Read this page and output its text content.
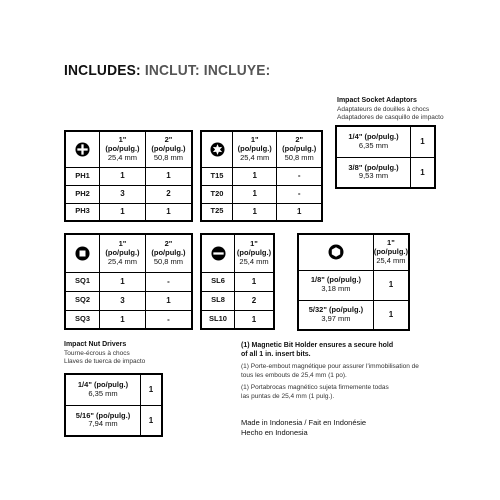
INCLUDES: INCLUT: INCLUYE:
Impact Socket Adaptors
Adaptateurs de douilles à chocs
Adaptadores de casquillo de impacto
1/4" (po/pulg.)
6,35 mm	1

3/8" (po/pulg.)
9,53 mm	1

1"
(po/pulg.)
25,4 mm	2"
(po/pulg.)
50,8 mm
PH1	1	1
PH2	3	2
PH3	1	1

1"
(po/pulg.)
25,4 mm	2"
(po/pulg.)
50,8 mm
T15	1	-
T20	1	-
T25	1	1

1"
(po/pulg.)
25,4 mm	2"
(po/pulg.)
50,8 mm
SQ1	1	-
SQ2	3	1
SQ3	1	-

1"
(po/pulg.)
25,4 mm
SL6	1
SL8	2
SL10	1

1"
(po/pulg.)
25,4 mm

1/8" (po/pulg.)
3,18 mm	1

5/32" (po/pulg.)
3,97 mm	1
Impact Nut Drivers
Tourne-écrous à chocs
Llaves de tuerca de impacto
1/4" (po/pulg.)
6,35 mm	1

5/16" (po/pulg.)
7,94 mm	1
(1) Magnetic Bit Holder ensures a secure hold
of all 1 in. insert bits.
(1) Porte-embout magnétique pour assurer l'immobilisation de
tous les embouts de 25,4 mm (1 po).
(1) Portabrocas magnético sujeta firmemente todas
las puntas de 25,4 mm (1 pulg.).
Made in Indonesia / Fait en Indonésie
Hecho en Indonesia
